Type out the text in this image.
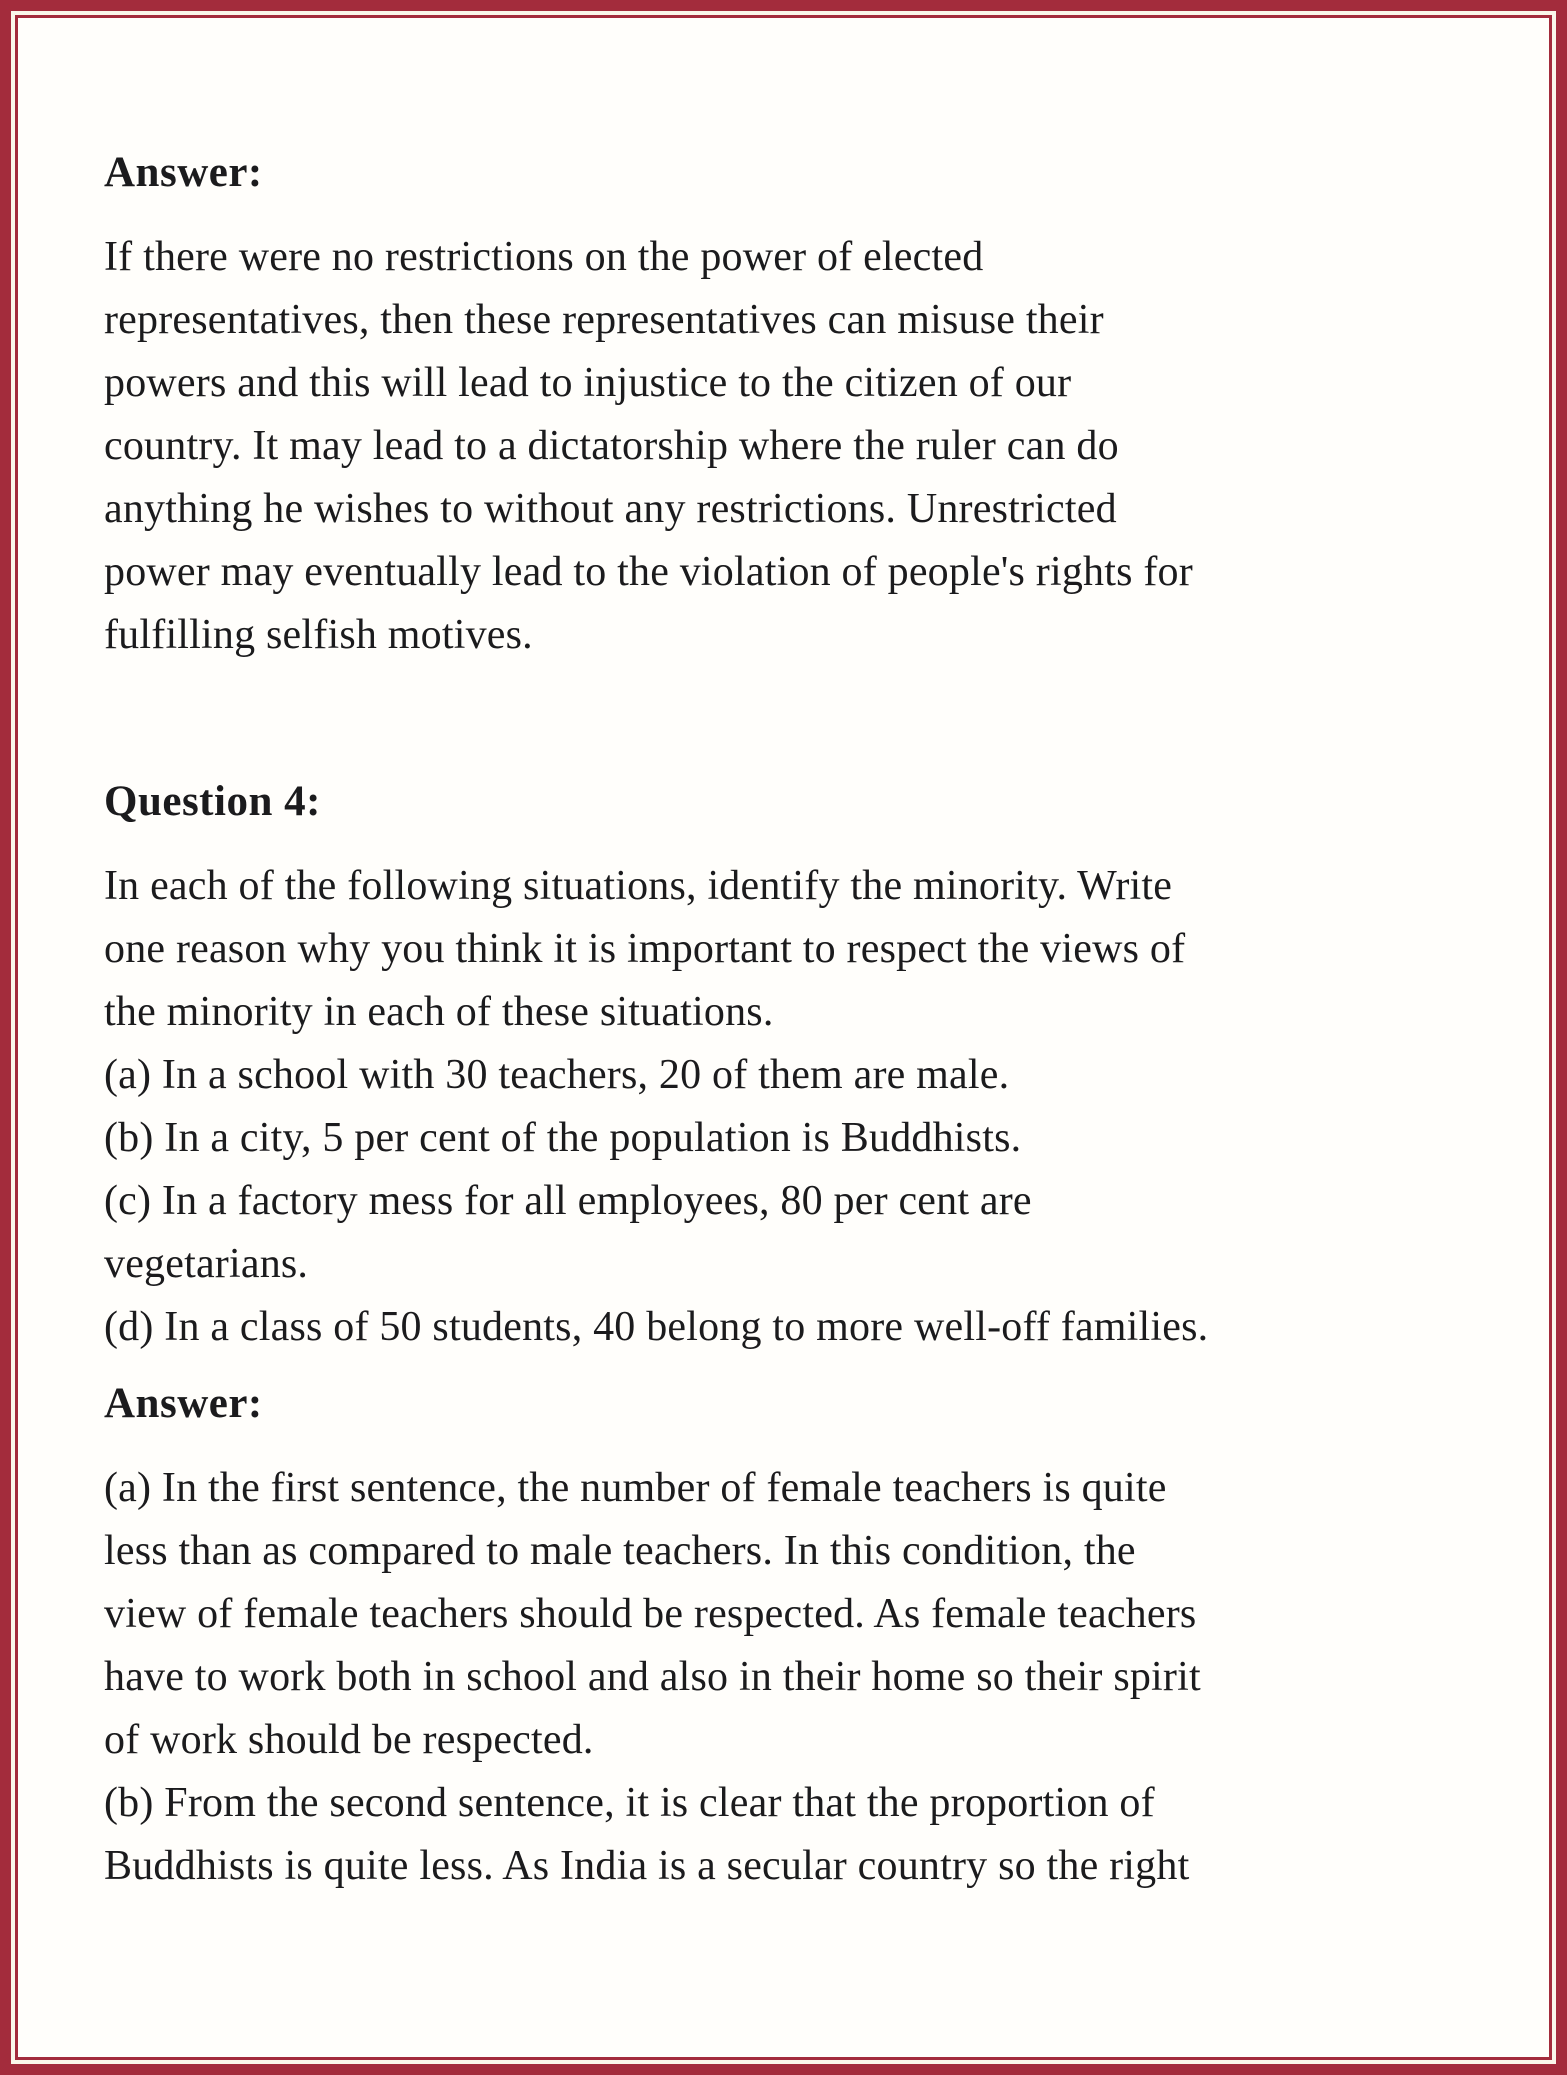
Answer:
If there were no restrictions on the power of elected
representatives, then these representatives can misuse their
powers and this will lead to injustice to the citizen of our
country. It may lead to a dictatorship where the ruler can do
anything he wishes to without any restrictions. Unrestricted
power may eventually lead to the violation of people's rights for
fulfilling selfish motives.
Question 4:
In each of the following situations, identify the minority. Write
one reason why you think it is important to respect the views of
the minority in each of these situations.
(a) In a school with 30 teachers, 20 of them are male.
(b) In a city, 5 per cent of the population is Buddhists.
(c) In a factory mess for all employees, 80 per cent are
vegetarians.
(d) In a class of 50 students, 40 belong to more well-off families.
Answer:
(a) In the first sentence, the number of female teachers is quite
less than as compared to male teachers. In this condition, the
view of female teachers should be respected. As female teachers
have to work both in school and also in their home so their spirit
of work should be respected.
(b) From the second sentence, it is clear that the proportion of
Buddhists is quite less. As India is a secular country so the right
